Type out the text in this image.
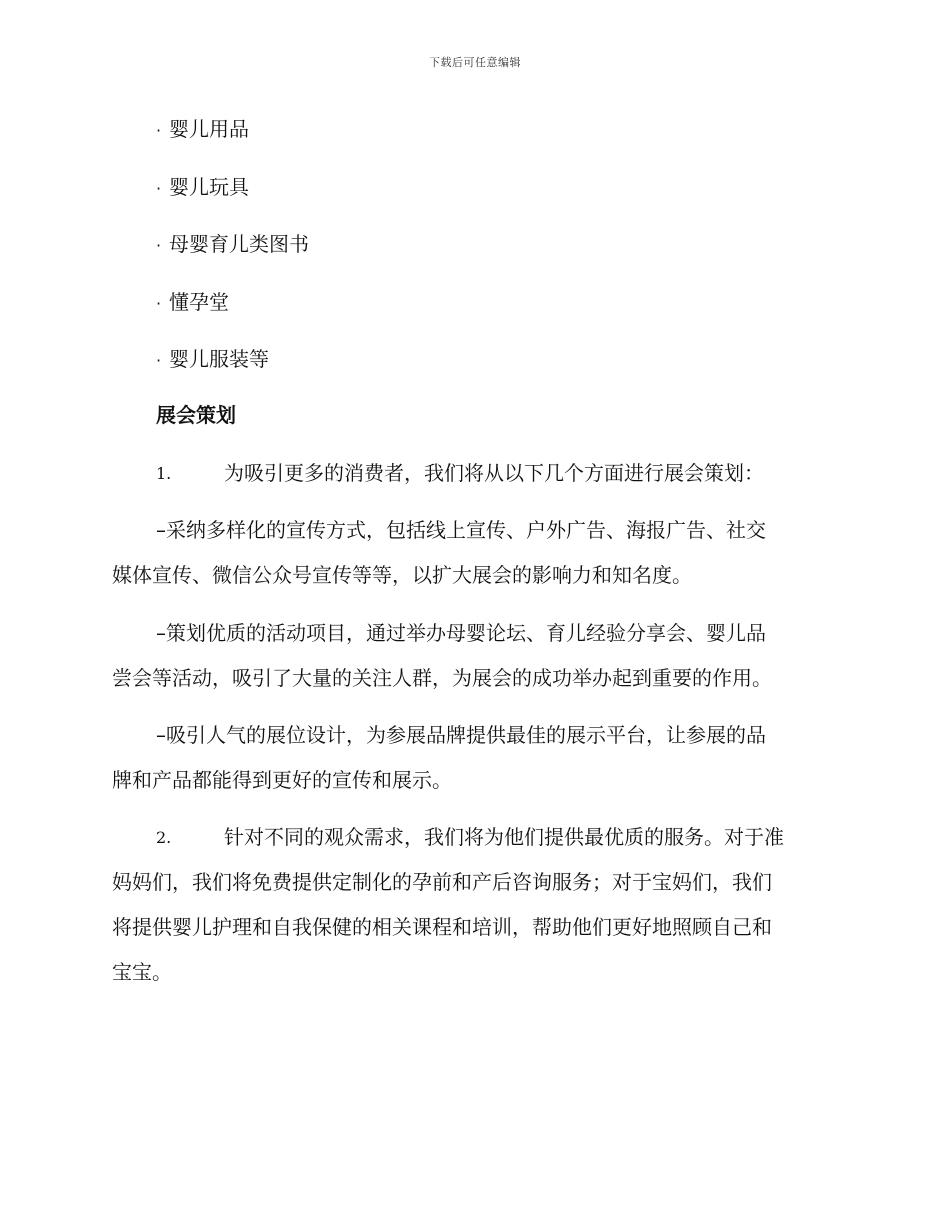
下载后可任意编辑
· 婴儿用品
· 婴儿玩具
· 母婴育儿类图书
· 懂孕堂
· 婴儿服装等
展会策划

1.	为吸引更多的消费者，我们将从以下几个方面进行展会策划：

–采纳多样化的宣传方式，包括线上宣传、户外广告、海报广告、社交
媒体宣传、微信公众号宣传等等，以扩大展会的影响力和知名度。
–策划优质的活动项目，通过举办母婴论坛、育儿经验分享会、婴儿品
尝会等活动，吸引了大量的关注人群，为展会的成功举办起到重要的作用。
–吸引人气的展位设计，为参展品牌提供最佳的展示平台，让参展的品
牌和产品都能得到更好的宣传和展示。
2.	针对不同的观众需求，我们将为他们提供最优质的服务。对于准
妈妈们，我们将免费提供定制化的孕前和产后咨询服务；对于宝妈们，我们
将提供婴儿护理和自我保健的相关课程和培训，帮助他们更好地照顾自己和
宝宝。
